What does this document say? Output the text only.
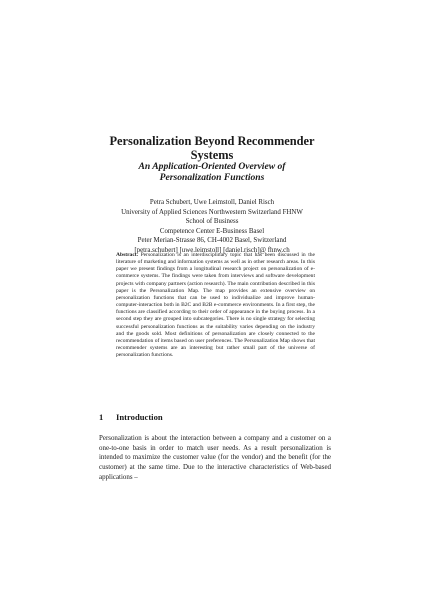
Personalization Beyond Recommender
Systems
An Application-Oriented Overview of
Personalization Functions
Petra Schubert, Uwe Leimstoll, Daniel Risch
University of Applied Sciences Northwestern Switzerland FHNW
School of Business
Competence Center E-Business Basel
Peter Merian-Strasse 86, CH-4002 Basel, Switzerland
[petra.schubert] [uwe.leimstoll] [daniel.risch]@ fhnw.ch

Abstract. Personalization is an interdisciplinary topic that has been discussed in the literature of marketing and information systems as well as in other research areas. In this paper we present findings from a longitudinal research project on personalization of e-commerce systems. The findings were taken from interviews and software development projects with company partners (action research). The main contribution described in this paper is the Personalization Map. The map provides an extensive overview on personalization functions that can be used to individualize and improve human-computer-interaction both in B2C and B2B e-commerce environments. In a first step, the functions are classified according to their order of appearance in the buying process. In a second step they are grouped into subcategories. There is no single strategy for selecting successful personalization functions as the suitability varies depending on the industry and the goods sold. Most definitions of personalization are closely connected to the recommendation of items based on user preferences. The Personalization Map shows that recommender systems are an interesting but rather small part of the universe of personalization functions.

1 Introduction

Personalization is about the interaction between a company and a customer on a one-to-one basis in order to match user needs. As a result personalization is intended to maximize the customer value (for the vendor) and the benefit (for the customer) at the same time. Due to the interactive characteristics of Web-based applications –
